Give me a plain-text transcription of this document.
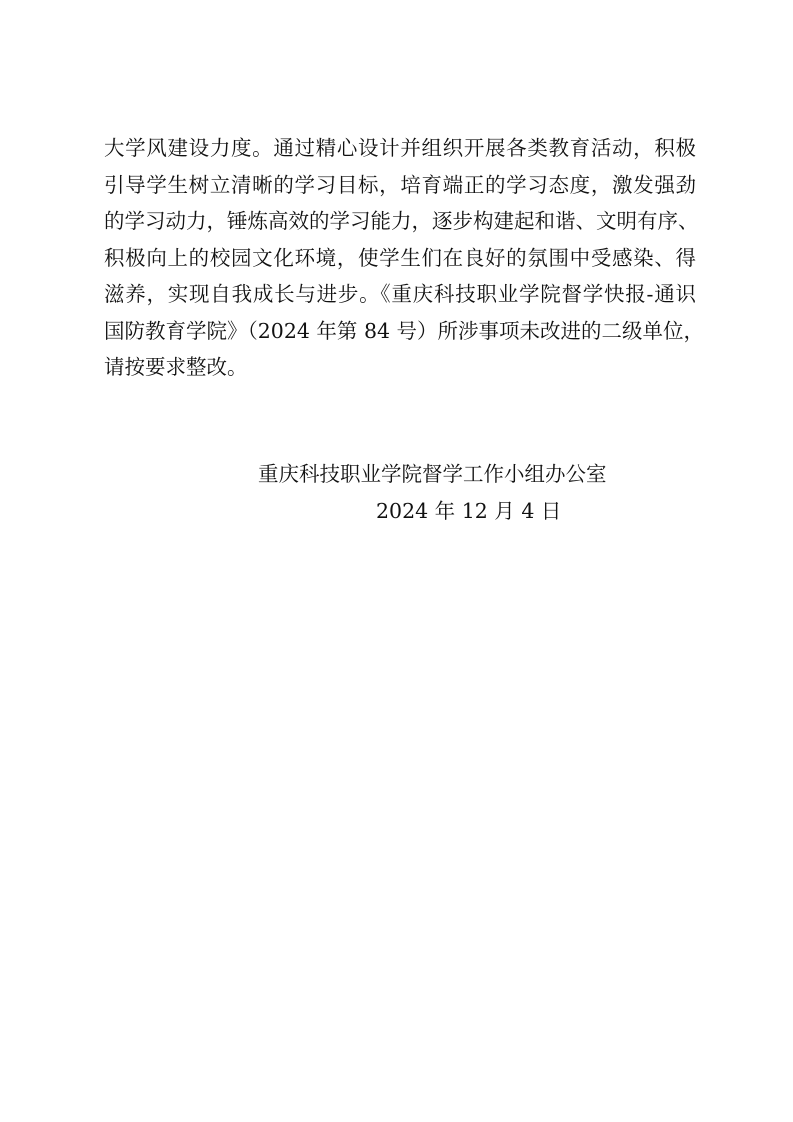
大学风建设力度。通过精心设计并组织开展各类教育活动，积极
引导学生树立清晰的学习目标，培育端正的学习态度，激发强劲
的学习动力，锤炼高效的学习能力，逐步构建起和谐、文明有序、
积极向上的校园文化环境，使学生们在良好的氛围中受感染、得
滋养，实现自我成长与进步。《重庆科技职业学院督学快报-通识
国防教育学院》（2024 年第 84 号）所涉事项未改进的二级单位，
请按要求整改。
重庆科技职业学院督学工作小组办公室
2024 年 12 月 4 日
